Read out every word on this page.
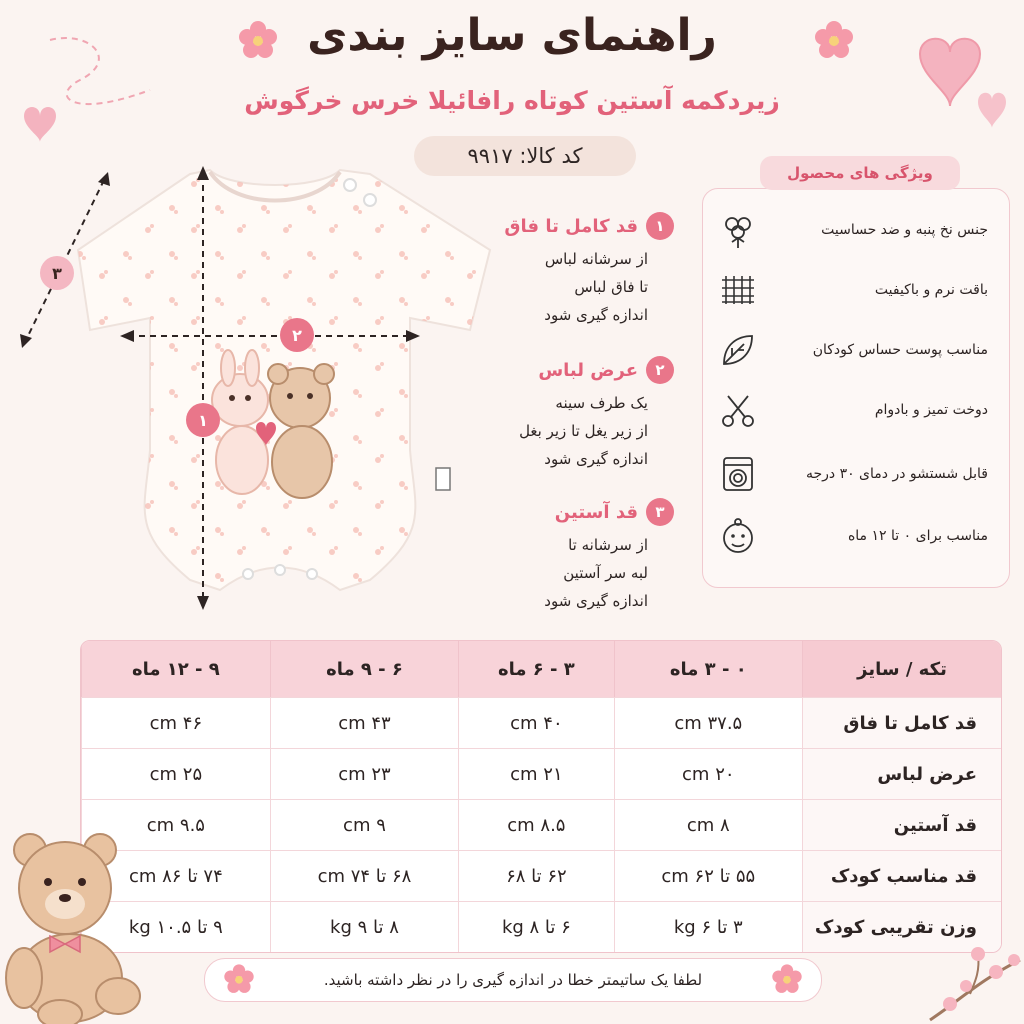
راهنمای سایز بندی
زیردکمه آستین کوتاه رافائیلا خرس خرگوش
کد کالا: ۹۹۱۷
۱
۲
۳
۱
قد کامل تا فاق
از سرشانه لباس
تا فاق لباس
اندازه گیری شود
۲
عرض لباس
یک طرف سینه
از زیر یغل تا زیر بغل
اندازه گیری شود
۳
قد آستین
از سرشانه تا
لبه سر آستین
اندازه گیری شود
ویژگی های محصول
جنس نخ پنبه و ضد حساسیت
باقت نرم و باکیفیت
مناسب پوست حساس کودکان
دوخت تمیز و بادوام
قابل شستشو در دمای ۳۰ درجه
مناسب برای ۰ تا ۱۲ ماه
تکه / سایز	۰ - ۳ ماه	۳ - ۶ ماه	۶ - ۹ ماه	۹ - ۱۲ ماه
قد کامل تا فاق	۳۷.۵ cm	۴۰ cm	۴۳ cm	۴۶ cm
عرض لباس	۲۰ cm	۲۱ cm	۲۳ cm	۲۵ cm
قد آستین	۸ cm	۸.۵ cm	۹ cm	۹.۵ cm
قد مناسب کودک	۵۵ تا ۶۲ cm	۶۲ تا ۶۸	۶۸ تا ۷۴ cm	۷۴ تا ۸۶ cm
وزن تقریبی کودک	۳ تا ۶ kg	۶ تا ۸ kg	۸ تا ۹ kg	۹ تا ۱۰.۵ kg
لطفا یک ساتیمتر خطا در اندازه گیری را در نظر داشته باشید.
